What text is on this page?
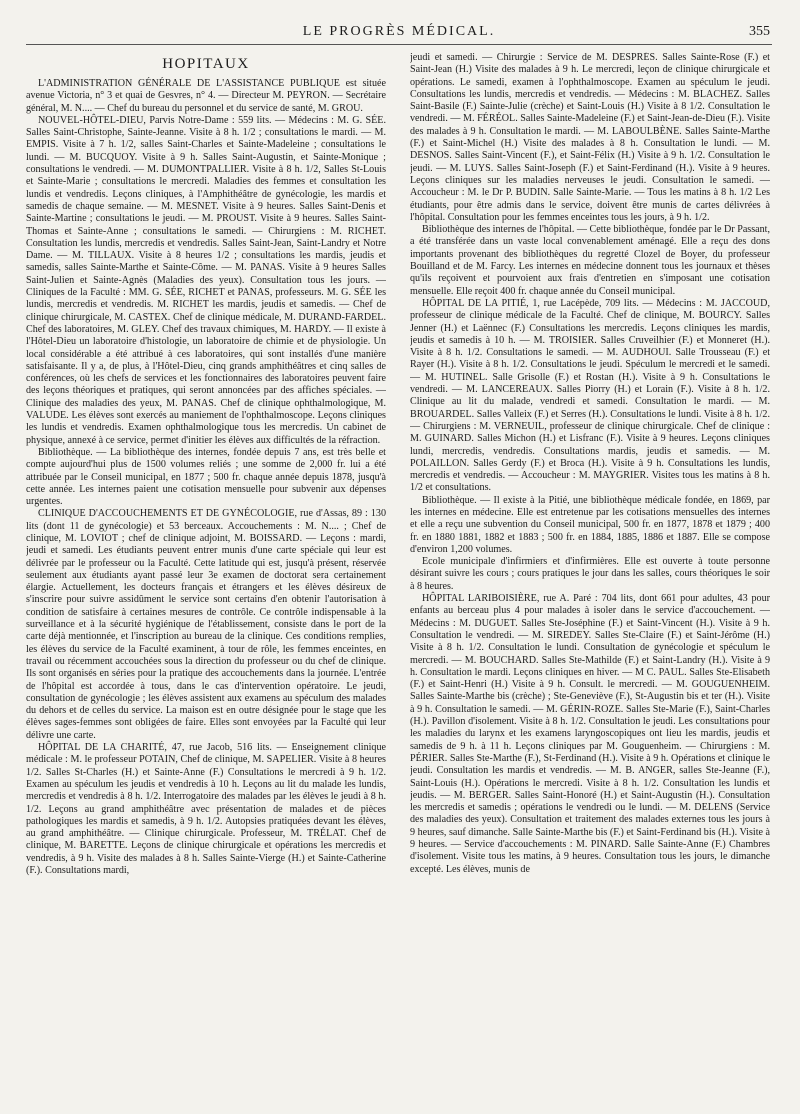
LE PROGRÈS MÉDICAL.	355
HOPITAUX

L'ADMINISTRATION GÉNÉRALE DE L'ASSISTANCE PUBLIQUE est située avenue Victoria, n° 3 et quai de Gesvres, n° 4. — Directeur M. PEYRON. — Secrétaire général, M. N.... — Chef du bureau du personnel et du service de santé, M. GROU.

NOUVEL-HÔTEL-DIEU, Parvis Notre-Dame : 559 lits. — Médecins : M. G. SÉE. Salles Saint-Christophe, Sainte-Jeanne. Visite à 8 h. 1/2 ; consultations le mardi. — M. EMPIS. Visite à 7 h. 1/2, salles Saint-Charles et Sainte-Madeleine ; consultations le lundi. — M. BUCQUOY. Visite à 9 h. Salles Saint-Augustin, et Sainte-Monique ; consultations le vendredi. — M. DUMONTPALLIER. Visite à 8 h. 1/2, Salles St-Louis et Sainte-Marie ; consultations le mercredi. Maladies des femmes et consultation les lundis et vendredis. Leçons cliniques, à l'Amphithéâtre de gynécologie, les mardis et samedis de chaque semaine. — M. MESNET. Visite à 9 heures. Salles Saint-Denis et Sainte-Martine ; consultations le jeudi. — M. PROUST. Visite à 9 heures. Salles Saint-Thomas et Sainte-Anne ; consultations le samedi. — Chirurgiens : M. RICHET. Consultation les lundis, mercredis et vendredis. Salles Saint-Jean, Saint-Landry et Notre Dame. — M. TILLAUX. Visite à 8 heures 1/2 ; consultations les mardis, jeudis et samedis, salles Sainte-Marthe et Sainte-Côme. — M. PANAS. Visite à 9 heures Salles Saint-Julien et Sainte-Agnès (Maladies des yeux). Consultation tous les jours. — Cliniques de la Faculté : MM. G. SÉE, RICHET et PANAS, professeurs. M. G. SÉE les lundis, mercredis et vendredis. M. RICHET les mardis, jeudis et samedis. — Chef de clinique chirurgicale, M. CASTEX. Chef de clinique médicale, M. DURAND-FARDEL. Chef des laboratoires, M. GLEY. Chef des travaux chimiques, M. HARDY. — Il existe à l'Hôtel-Dieu un laboratoire d'histologie, un laboratoire de chimie et de physiologie. Un local considérable a été attribué à ces laboratoires, qui sont installés d'une manière satisfaisante. Il y a, de plus, à l'Hôtel-Dieu, cinq grands amphithéâtres et cinq salles de conférences, où les chefs de services et les fonctionnaires des laboratoires peuvent faire des leçons théoriques et pratiques, qui seront annoncées par des affiches spéciales. — Clinique des maladies des yeux, M. PANAS. Chef de clinique ophthalmologique, M. VALUDE. Les élèves sont exercés au maniement de l'ophthalmoscope. Leçons cliniques les lundis et vendredis. Examen ophthalmologique tous les mercredis. Un cabinet de physique, annexé à ce service, permet d'initier les élèves aux difficultés de la réfraction.

Bibliothèque. — La bibliothèque des internes, fondée depuis 7 ans, est très belle et compte aujourd'hui plus de 1500 volumes reliés ; une somme de 2,000 fr. lui a été attribuée par le Conseil municipal, en 1877 ; 500 fr. chaque année depuis 1878, jusqu'à cette année. Les internes paient une cotisation mensuelle pour subvenir aux dépenses urgentes.

CLINIQUE D'ACCOUCHEMENTS ET DE GYNÉCOLOGIE, rue d'Assas, 89 : 130 lits (dont 11 de gynécologie) et 53 berceaux. Accouchements : M. N.... ; Chef de clinique, M. LOVIOT ; chef de clinique adjoint, M. BOISSARD. — Leçons : mardi, jeudi et samedi. Les étudiants peuvent entrer munis d'une carte spéciale qui leur est délivrée par le professeur ou la Faculté. Cette latitude qui est, jusqu'à présent, réservée seulement aux étudiants ayant passé leur 3e examen de doctorat sera certainement élargie. Actuellement, les docteurs français et étrangers et les élèves désireux de s'inscrire pour suivre assidûment le service sont certains d'en obtenir l'autorisation à condition de satisfaire à certaines mesures de contrôle. Ce contrôle indispensable à la surveillance et à la sécurité hygiénique de l'établissement, consiste dans le port de la carte déjà mentionnée, et l'inscription au bureau de la clinique. Ces conditions remplies, les élèves du service de la Faculté examinent, à tour de rôle, les femmes enceintes, en travail ou récemment accouchées sous la direction du professeur ou du chef de clinique. Ils sont organisés en séries pour la pratique des accouchements dans la journée. L'entrée de l'hôpital est accordée à tous, dans le cas d'intervention opératoire. Le jeudi, consultation de gynécologie ; les élèves assistent aux examens au spéculum des malades du dehors et de celles du service. La maison est en outre désignée pour le stage que les élèves sages-femmes sont obligées de faire. Elles sont envoyées par la Faculté qui leur délivre une carte.

HÔPITAL DE LA CHARITÉ, 47, rue Jacob, 516 lits. — Enseignement clinique médicale : M. le professeur POTAIN, Chef de clinique, M. SAPELIER. Visite à 8 heures 1/2. Salles St-Charles (H.) et Sainte-Anne (F.) Consultations le mercredi à 9 h. 1/2. Examen au spéculum les jeudis et vendredis à 10 h. Leçons au lit du malade les lundis, mercredis et vendredis à 8 h. 1/2. Interrogatoire des malades par les élèves le jeudi à 8 h. 1/2. Leçons au grand amphithéâtre avec présentation de malades et de pièces pathologiques les mardis et samedis, à 9 h. 1/2. Autopsies pratiquées devant les élèves, au grand amphithéâtre. — Clinique chirurgicale. Professeur, M. TRÉLAT. Chef de clinique, M. BARETTE. Leçons de clinique chirurgicale et opérations les mercredis et vendredis, à 9 h. Visite des malades à 8 h. Salles Sainte-Vierge (H.) et Sainte-Catherine (F.). Consultations mardi,

jeudi et samedi. — Chirurgie : Service de M. DESPRÉS. Salles Sainte-Rose (F.) et Saint-Jean (H.) Visite des malades à 9 h. Le mercredi, leçon de clinique chirurgicale et opérations. Le samedi, examen à l'ophthalmoscope. Examen au spéculum le jeudi. Consultations les lundis, mercredis et vendredis. — Médecins : M. BLACHEZ. Salles Saint-Basile (F.) Sainte-Julie (crèche) et Saint-Louis (H.) Visite à 8 1/2. Consultation le vendredi. — M. FÉRÉOL. Salles Sainte-Madeleine (F.) et Saint-Jean-de-Dieu (F.). Visite des malades à 9 h. Consultation le mardi. — M. LABOULBÈNE. Salles Sainte-Marthe (F.) et Saint-Michel (H.) Visite des malades à 8 h. Consultation le lundi. — M. DESNOS. Salles Saint-Vincent (F.), et Saint-Félix (H.) Visite à 9 h. 1/2. Consultation le jeudi. — M. LUYS. Salles Saint-Joseph (F.) et Saint-Ferdinand (H.). Visite à 9 heures. Leçons cliniques sur les maladies nerveuses le jeudi. Consultation le samedi. — Accoucheur : M. le Dr P. BUDIN. Salle Sainte-Marie. — Tous les matins à 8 h. 1/2 Les étudiants, pour être admis dans le service, doivent être munis de cartes délivrées à l'hôpital. Consultation pour les femmes enceintes tous les jours, à 9 h. 1/2.

Bibliothèque des internes de l'hôpital. — Cette bibliothèque, fondée par le Dr Passant, a été transférée dans un vaste local convenablement aménagé. Elle a reçu des dons importants provenant des bibliothèques du regretté Clozel de Boyer, du professeur Bouilland et de M. Farcy. Les internes en médecine donnent tous les journaux et thèses qu'ils reçoivent et pourvoient aux frais d'entretien en s'imposant une cotisation mensuelle. Elle reçoit 400 fr. chaque année du Conseil municipal.

HÔPITAL DE LA PITIÉ, 1, rue Lacépède, 709 lits. — Médecins : M. JACCOUD, professeur de clinique médicale de la Faculté. Chef de clinique, M. BOURCY. Salles Jenner (H.) et Laënnec (F.) Consultations les mercredis. Leçons cliniques les mardis, jeudis et samedis à 10 h. — M. TROISIER. Salles Cruveilhier (F.) et Monneret (H.). Visite à 8 h. 1/2. Consultations le samedi. — M. AUDHOUI. Salle Trousseau (F.) et Rayer (H.). Visite à 8 h. 1/2. Consultations le jeudi. Spéculum le mercredi et le samedi. — M. HUTINEL. Salle Grisolle (F.) et Rostan (H.). Visite à 9 h. Consultations le vendredi. — M. LANCEREAUX. Salles Piorry (H.) et Lorain (F.). Visite à 8 h. 1/2. Clinique au lit du malade, vendredi et samedi. Consultation le mardi. — M. BROUARDEL. Salles Valleix (F.) et Serres (H.). Consultations le lundi. Visite à 8 h. 1/2. — Chirurgiens : M. VERNEUIL, professeur de clinique chirurgicale. Chef de clinique : M. GUINARD. Salles Michon (H.) et Lisfranc (F.). Visite à 9 heures. Leçons cliniques lundi, mercredis, vendredis. Consultations mardis, jeudis et samedis. — M. POLAILLON. Salles Gerdy (F.) et Broca (H.). Visite à 9 h. Consultations les lundis, mercredis et vendredis. — Accoucheur : M. MAYGRIER. Visites tous les matins à 8 h. 1/2 et consultations.

Bibliothèque. — Il existe à la Pitié, une bibliothèque médicale fondée, en 1869, par les internes en médecine. Elle est entretenue par les cotisations mensuelles des internes et elle a reçu une subvention du Conseil municipal, 500 fr. en 1877, 1878 et 1879 ; 400 fr. en 1880 1881, 1882 et 1883 ; 500 fr. en 1884, 1885, 1886 et 1887. Elle se compose d'environ 1,200 volumes.

Ecole municipale d'infirmiers et d'infirmières. Elle est ouverte à toute personne désirant suivre les cours ; cours pratiques le jour dans les salles, cours théoriques le soir à 8 heures.

HÔPITAL LARIBOISIÈRE, rue A. Paré : 704 lits, dont 661 pour adultes, 43 pour enfants au berceau plus 4 pour malades à isoler dans le service d'accouchement. — Médecins : M. DUGUET. Salles Ste-Joséphine (F.) et Saint-Vincent (H.). Visite à 9 h. Consultation le vendredi. — M. SIREDEY. Salles Ste-Claire (F.) et Saint-Jérôme (H.) Visite à 8 h. 1/2. Consultation le lundi. Consultation de gynécologie et spéculum le mercredi. — M. BOUCHARD. Salles Ste-Mathilde (F.) et Saint-Landry (H.). Visite à 9 h. Consultation le mardi. Leçons cliniques en hiver. — M C. PAUL. Salles Ste-Elisabeth (F.) et Saint-Henri (H.) Visite à 9 h. Consult. le mercredi. — M. GOUGUENHEIM. Salles Sainte-Marthe bis (crèche) ; Ste-Geneviève (F.), St-Augustin bis et ter (H.). Visite à 9 h. Consultation le samedi. — M. GÉRIN-ROZE. Salles Ste-Marie (F.), Saint-Charles (H.). Pavillon d'isolement. Visite à 8 h. 1/2. Consultation le jeudi. Les consultations pour les maladies du larynx et les examens laryngoscopiques ont lieu les mardis, jeudis et samedis de 9 h. à 11 h. Leçons cliniques par M. Gouguenheim. — Chirurgiens : M. PÉRIER. Salles Ste-Marthe (F.), St-Ferdinand (H.). Visite à 9 h. Opérations et clinique le jeudi. Consultation les mardis et vendredis. — M. B. ANGER, salles Ste-Jeanne (F.), Saint-Louis (H.). Opérations le mercredi. Visite à 8 h. 1/2. Consultation les lundis et jeudis. — M. BERGER. Salles Saint-Honoré (H.) et Saint-Augustin (H.). Consultation les mercredis et samedis ; opérations le vendredi ou le lundi. — M. DELENS (Service des maladies des yeux). Consultation et traitement des malades externes tous les jours à 9 heures, sauf dimanche. Salle Sainte-Marthe bis (F.) et Saint-Ferdinand bis (H.). Visite à 9 heures. — Service d'accouchements : M. PINARD. Salle Sainte-Anne (F.) Chambres d'isolement. Visite tous les matins, à 9 heures. Consultation tous les jours, le dimanche excepté. Les élèves, munis de
